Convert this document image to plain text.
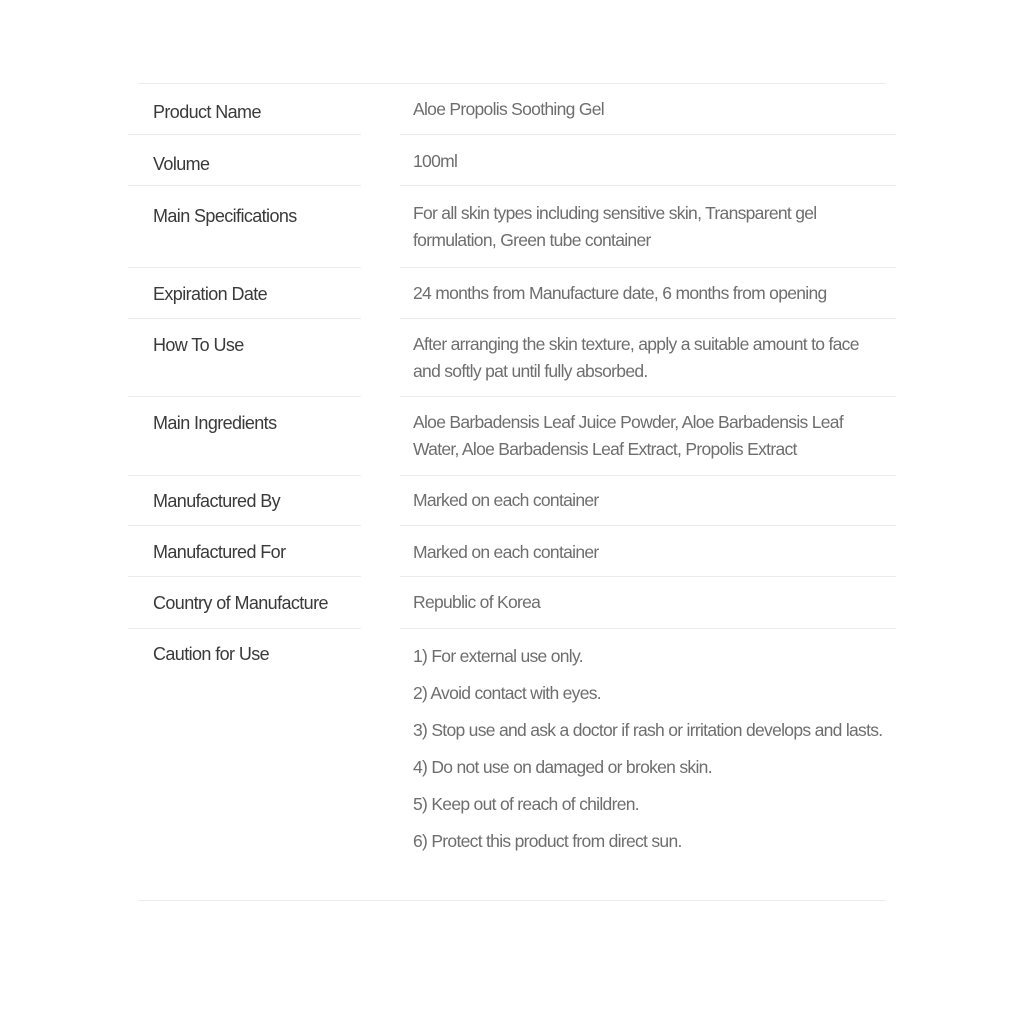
Product Name	Aloe Propolis Soothing Gel
Volume	100ml
Main Specifications	For all skin types including sensitive skin, Transparent gel formulation, Green tube container
Expiration Date	24 months from Manufacture date, 6 months from opening
How To Use	After arranging the skin texture, apply a suitable amount to face and softly pat until fully absorbed.
Main Ingredients	Aloe Barbadensis Leaf Juice Powder, Aloe Barbadensis Leaf Water, Aloe Barbadensis Leaf Extract, Propolis Extract
Manufactured By	Marked on each container
Manufactured For	Marked on each container
Country of Manufacture	Republic of Korea
Caution for Use	1) For external use only.
2) Avoid contact with eyes.
3) Stop use and ask a doctor if rash or irritation develops and lasts.
4) Do not use on damaged or broken skin.
5) Keep out of reach of children.
6) Protect this product from direct sun.
